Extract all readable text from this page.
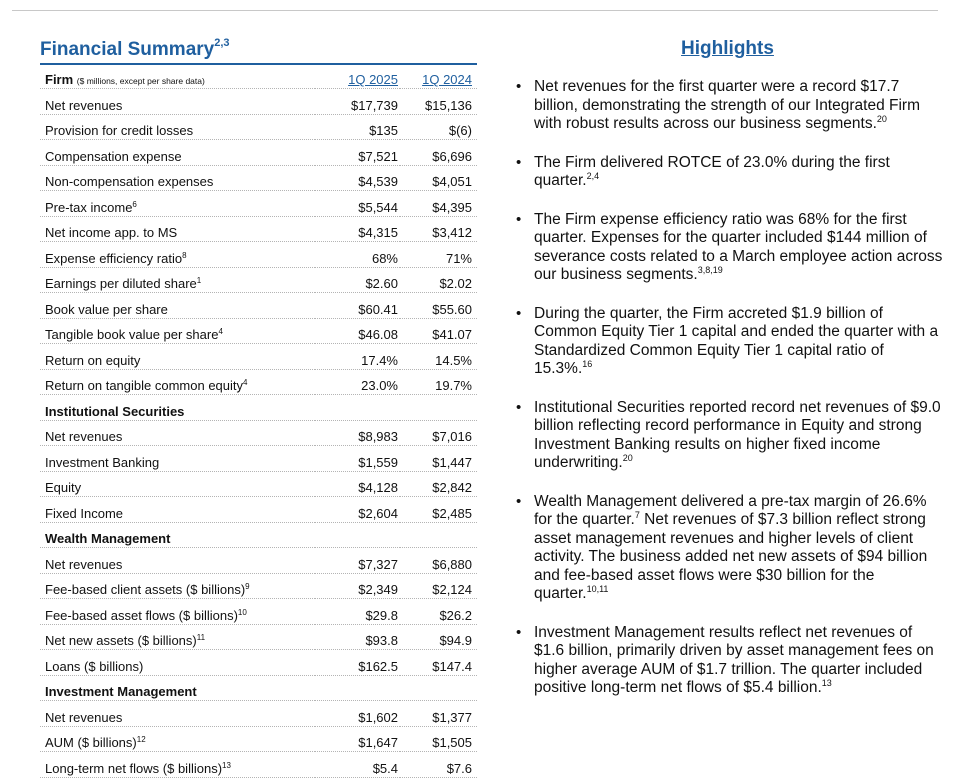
Financial Summary$^{2,3}$
Firm ($ millions, except per share data)	1Q 2025	1Q 2024
Net revenues	$17,739	$15,136
Provision for credit losses	$135	$(6)
Compensation expense	$7,521	$6,696
Non-compensation expenses	$4,539	$4,051
Pre-tax income$^6$	$5,544	$4,395
Net income app. to MS	$4,315	$3,412
Expense efficiency ratio$^8$	68%	71%
Earnings per diluted share$^1$	$2.60	$2.02
Book value per share	$60.41	$55.60
Tangible book value per share$^4$	$46.08	$41.07
Return on equity	17.4%	14.5%
Return on tangible common equity$^4$	23.0%	19.7%
Institutional Securities		
Net revenues	$8,983	$7,016
Investment Banking	$1,559	$1,447
Equity	$4,128	$2,842
Fixed Income	$2,604	$2,485
Wealth Management		
Net revenues	$7,327	$6,880
Fee-based client assets ($ billions)$^9$	$2,349	$2,124
Fee-based asset flows ($ billions)$^{10}$	$29.8	$26.2
Net new assets ($ billions)$^{11}$	$93.8	$94.9
Loans ($ billions)	$162.5	$147.4
Investment Management		
Net revenues	$1,602	$1,377
AUM ($ billions)$^{12}$	$1,647	$1,505
Long-term net flows ($ billions)$^{13}$	$5.4	$7.6
Highlights
• Net revenues for the first quarter were a record $17.7 billion, demonstrating the strength of our Integrated Firm with robust results across our business segments.$^{20}$
• The Firm delivered ROTCE of 23.0% during the first quarter.$^{2,4}$
• The Firm expense efficiency ratio was 68% for the first quarter. Expenses for the quarter included $144 million of severance costs related to a March employee action across our business segments.$^{3,8,19}$
• During the quarter, the Firm accreted $1.9 billion of Common Equity Tier 1 capital and ended the quarter with a Standardized Common Equity Tier 1 capital ratio of 15.3%.$^{16}$
• Institutional Securities reported record net revenues of $9.0 billion reflecting record performance in Equity and strong Investment Banking results on higher fixed income underwriting.$^{20}$
• Wealth Management delivered a pre-tax margin of 26.6% for the quarter.$^7$ Net revenues of $7.3 billion reflect strong asset management revenues and higher levels of client activity. The business added net new assets of $94 billion and fee-based asset flows were $30 billion for the quarter.$^{10,11}$
• Investment Management results reflect net revenues of $1.6 billion, primarily driven by asset management fees on higher average AUM of $1.7 trillion. The quarter included positive long-term net flows of $5.4 billion.$^{13}$
